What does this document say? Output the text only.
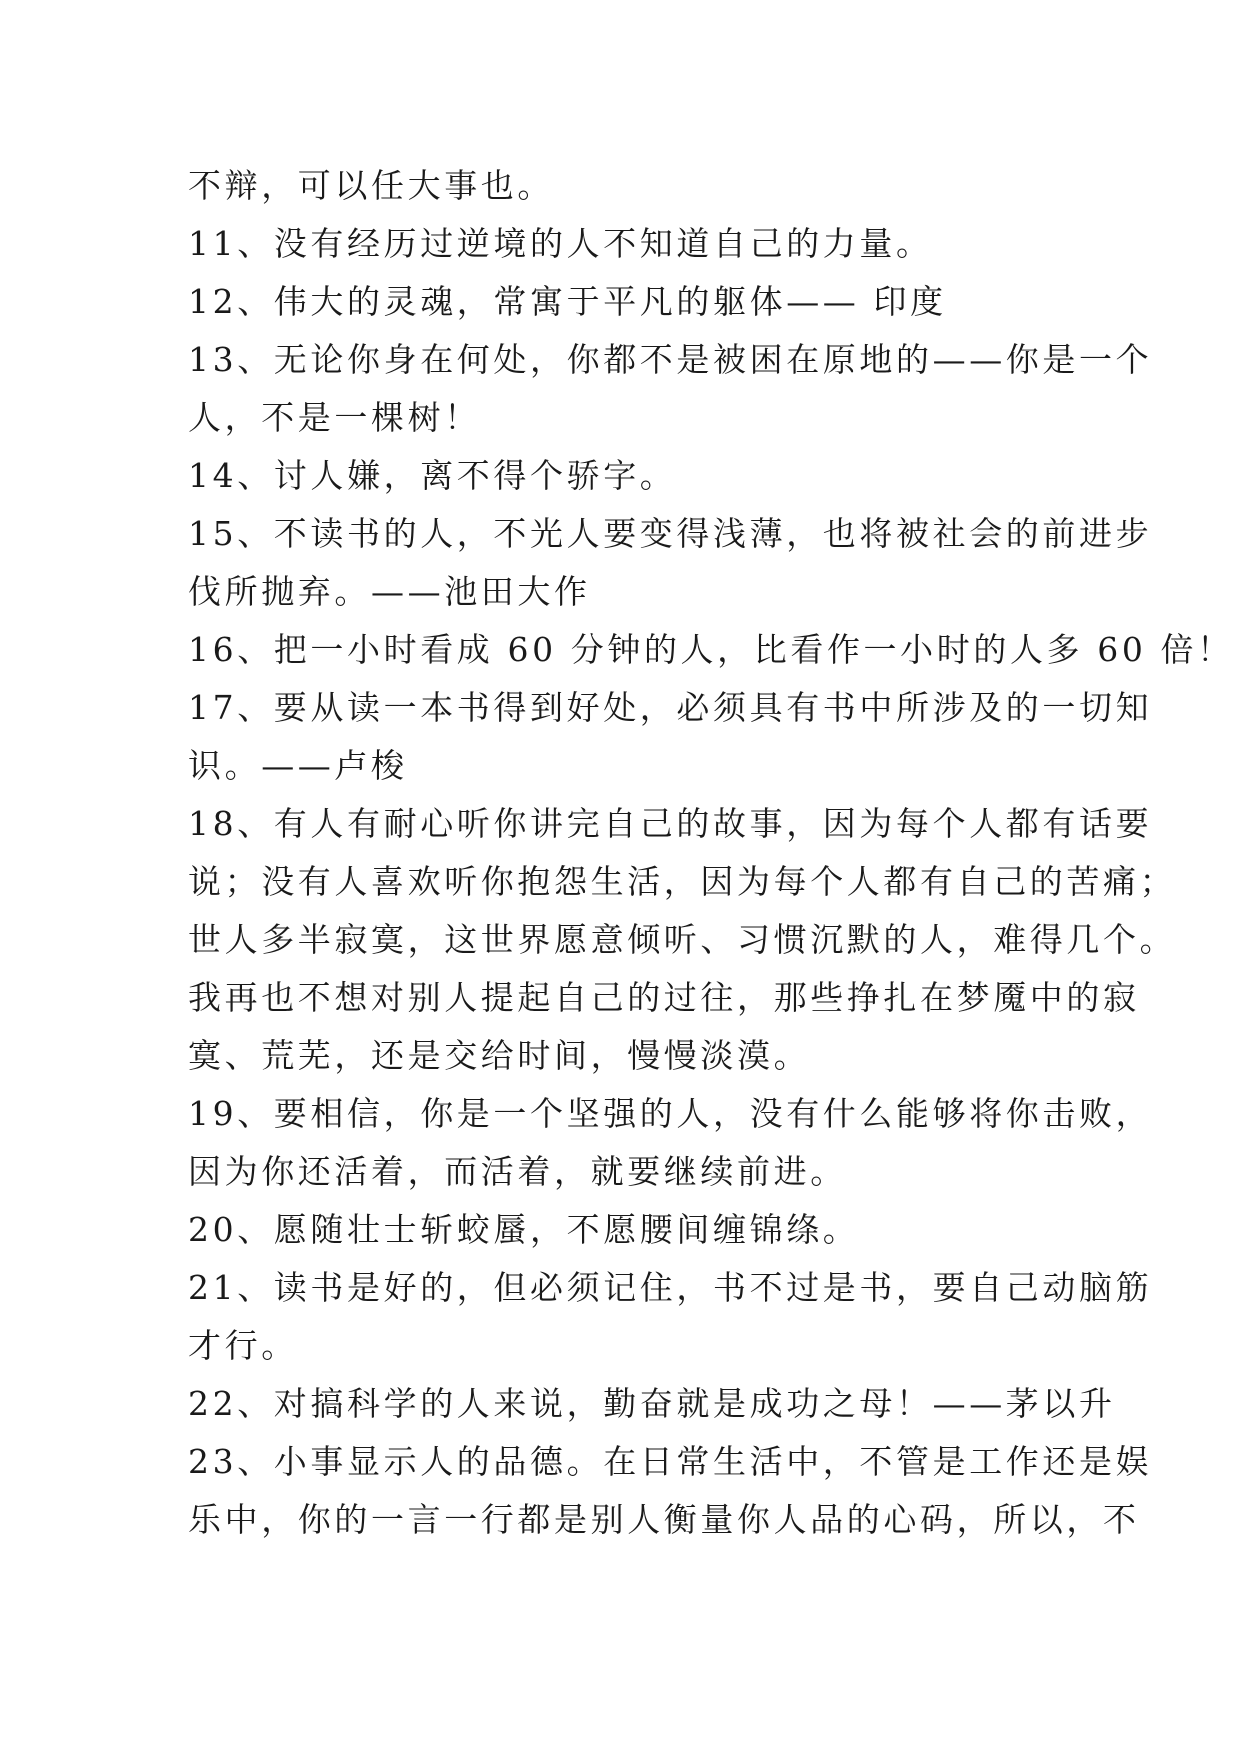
不辩，可以任大事也。
11、没有经历过逆境的人不知道自己的力量。
12、伟大的灵魂，常寓于平凡的躯体—— 印度
13、无论你身在何处，你都不是被困在原地的——你是一个
人，不是一棵树！
14、讨人嫌，离不得个骄字。
15、不读书的人，不光人要变得浅薄，也将被社会的前进步
伐所抛弃。——池田大作
16、把一小时看成 60 分钟的人，比看作一小时的人多 60 倍！
17、要从读一本书得到好处，必须具有书中所涉及的一切知
识。——卢梭
18、有人有耐心听你讲完自己的故事，因为每个人都有话要
说；没有人喜欢听你抱怨生活，因为每个人都有自己的苦痛；
世人多半寂寞，这世界愿意倾听、习惯沉默的人，难得几个。
我再也不想对别人提起自己的过往，那些挣扎在梦魇中的寂
寞、荒芜，还是交给时间，慢慢淡漠。
19、要相信，你是一个坚强的人，没有什么能够将你击败，
因为你还活着，而活着，就要继续前进。
20、愿随壮士斩蛟蜃，不愿腰间缠锦绦。
21、读书是好的，但必须记住，书不过是书，要自己动脑筋
才行。
22、对搞科学的人来说，勤奋就是成功之母！——茅以升
23、小事显示人的品德。在日常生活中，不管是工作还是娱
乐中，你的一言一行都是别人衡量你人品的心码，所以，不
